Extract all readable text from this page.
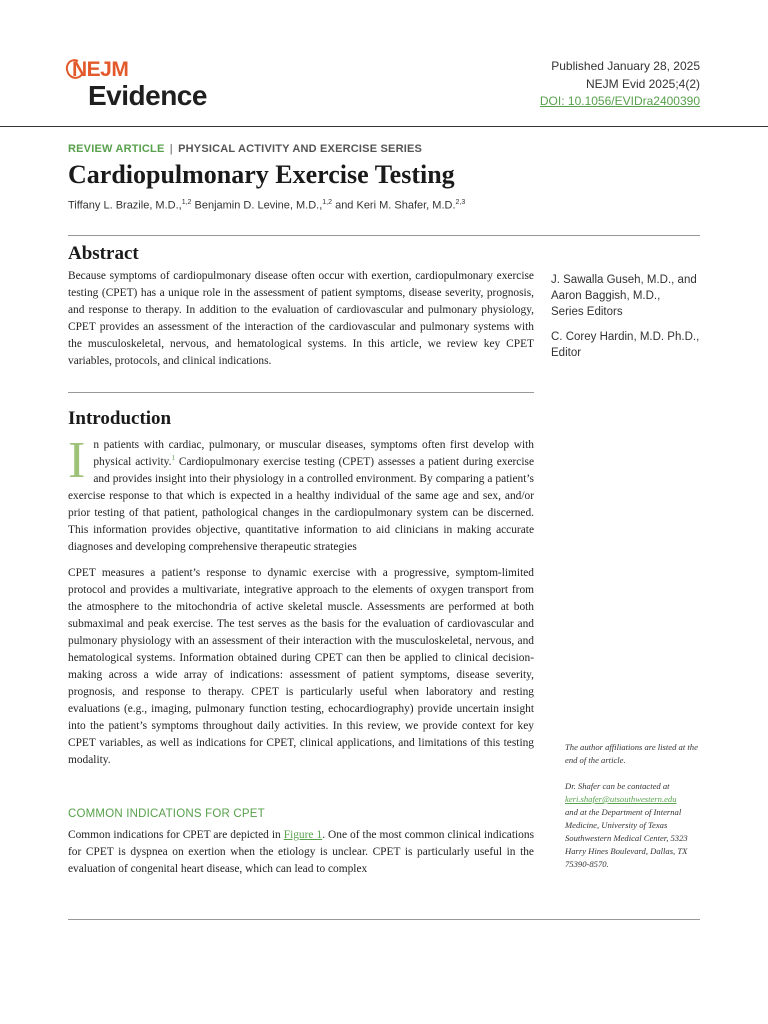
NEJM
Evidence
Published January 28, 2025
NEJM Evid 2025;4(2)
DOI: 10.1056/EVIDra2400390
REVIEW ARTICLE | PHYSICAL ACTIVITY AND EXERCISE SERIES
Cardiopulmonary Exercise Testing
Tiffany L. Brazile, M.D.,$^{1,2}$ Benjamin D. Levine, M.D.,$^{1,2}$ and Keri M. Shafer, M.D.$^{2,3}$
Abstract

Because symptoms of cardiopulmonary disease often occur with exertion, cardiopulmonary exercise testing (CPET) has a unique role in the assessment of patient symptoms, disease severity, prognosis, and response to therapy. In addition to the evaluation of cardiovascular and pulmonary physiology, CPET provides an assessment of the interaction of the cardiovascular and pulmonary systems with the musculoskeletal, nervous, and hematological systems. In this article, we review key CPET variables, protocols, and clinical indications.

Introduction

In patients with cardiac, pulmonary, or muscular diseases, symptoms often first develop with physical activity.$^1$ Cardiopulmonary exercise testing (CPET) assesses a patient during exercise and provides insight into their physiology in a controlled environment. By comparing a patient’s exercise response to that which is expected in a healthy individual of the same age and sex, and/or prior testing of that patient, pathological changes in the cardiopulmonary system can be discerned. This information provides objective, quantitative information to aid clinicians in making accurate diagnoses and developing comprehensive therapeutic strategies

CPET measures a patient’s response to dynamic exercise with a progressive, symptom-limited protocol and provides a multivariate, integrative approach to the elements of oxygen transport from the atmosphere to the mitochondria of active skeletal muscle. Assessments are performed at both submaximal and peak exercise. The test serves as the basis for the evaluation of cardiovascular and pulmonary physiology with an assessment of their interaction with the musculoskeletal, nervous, and hematological systems. Information obtained during CPET can then be applied to clinical decision-making across a wide array of indications: assessment of patient symptoms, disease severity, prognosis, and response to therapy. CPET is particularly useful when laboratory and resting evaluations (e.g., imaging, pulmonary function testing, echocardiography) provide uncertain insight into the patient’s symptoms throughout daily activities. In this review, we provide context for key CPET variables, as well as indications for CPET, clinical applications, and limitations of this testing modality.

COMMON INDICATIONS FOR CPET

Common indications for CPET are depicted in Figure 1. One of the most common clinical indications for CPET is dyspnea on exertion when the etiology is unclear. CPET is particularly useful in the evaluation of congenital heart disease, which can lead to complex

J. Sawalla Guseh, M.D., and
Aaron Baggish, M.D.,
Series Editors
C. Corey Hardin, M.D. Ph.D.,
Editor
The author affiliations are listed at the end of the article.
Dr. Shafer can be contacted at
keri.shafer@utsouthwestern.edu
and at the Department of Internal Medicine, University of Texas Southwestern Medical Center, 5323 Harry Hines Boulevard, Dallas, TX 75390-8570.
